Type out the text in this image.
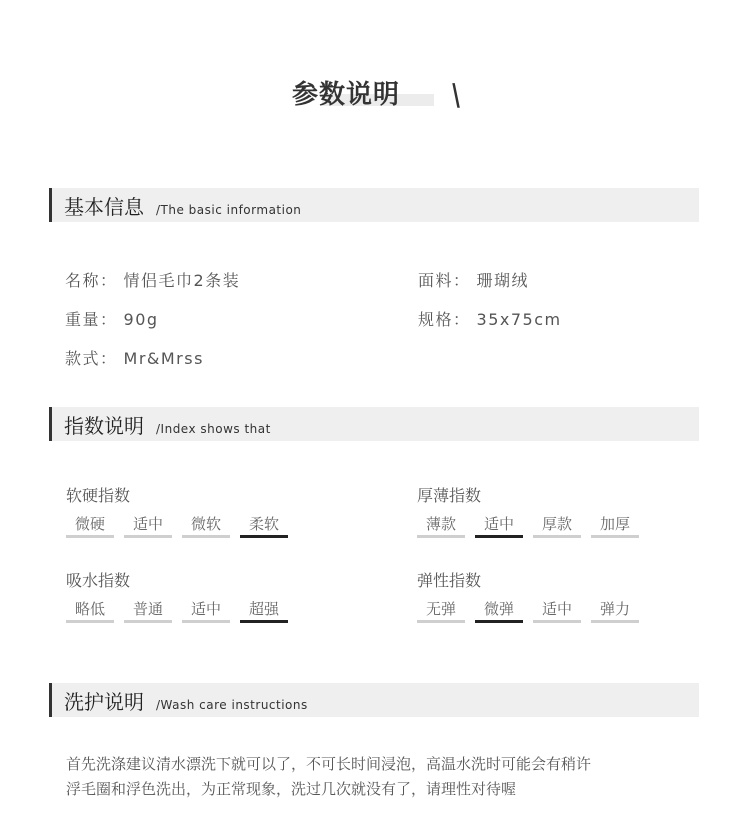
参数说明 \
基本信息 /The basic information
名称： 情侣毛巾2条装	面料： 珊瑚绒
重量： 90g	规格： 35x75cm
款式： Mr&Mrss
指数说明 /Index shows that
软硬指数
微硬	适中	微软	柔软
厚薄指数
薄款	适中	厚款	加厚
吸水指数
略低	普通	适中	超强
弹性指数
无弹	微弹	适中	弹力
洗护说明 /Wash care instructions
首先洗涤建议清水漂洗下就可以了，不可长时间浸泡，高温水洗时可能会有稍许
浮毛圈和浮色洗出，为正常现象，洗过几次就没有了，请理性对待喔
